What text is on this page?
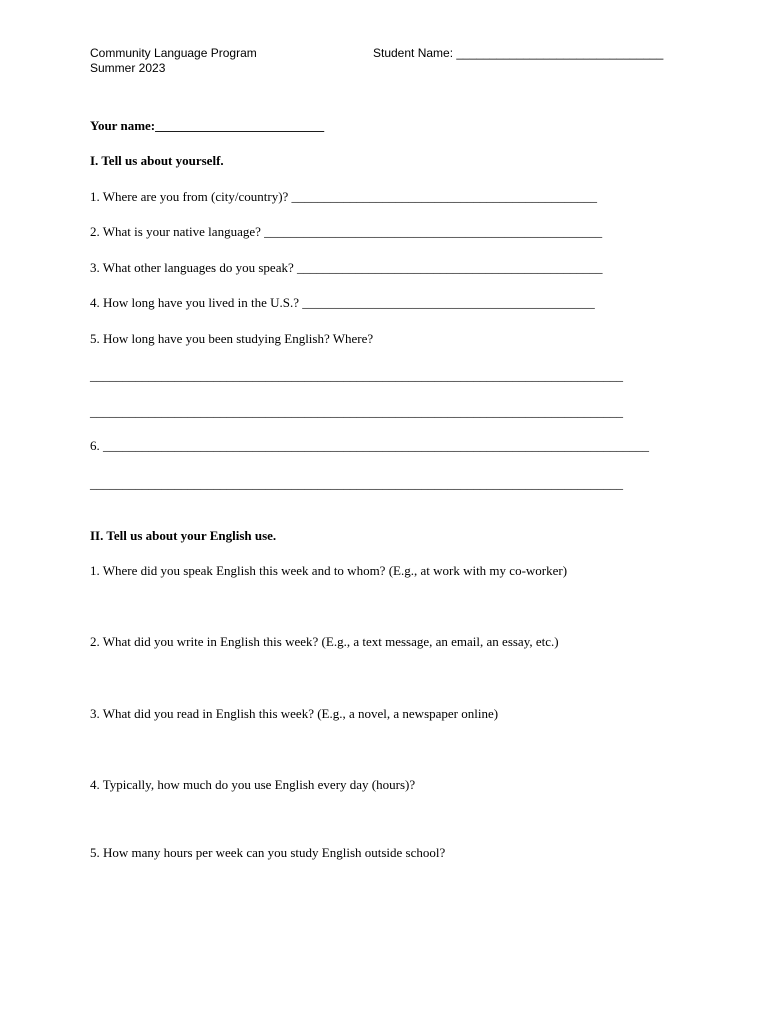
Community Language Program
Summer 2023
Student Name: _______________________________
Your name:__________________________
I. Tell us about yourself.
1. Where are you from (city/country)? _______________________________________________
2. What is your native language? ____________________________________________________
3. What other languages do you speak? _______________________________________________
4. How long have you lived in the U.S.? _____________________________________________
5. How long have you been studying English? Where?
__________________________________________________________________________________
__________________________________________________________________________________
6. ____________________________________________________________________________________
__________________________________________________________________________________
II. Tell us about your English use.
1. Where did you speak English this week and to whom? (E.g., at work with my co-worker)
2. What did you write in English this week? (E.g., a text message, an email, an essay, etc.)
3. What did you read in English this week? (E.g., a novel, a newspaper online)
4. Typically, how much do you use English every day (hours)?
5. How many hours per week can you study English outside school?
